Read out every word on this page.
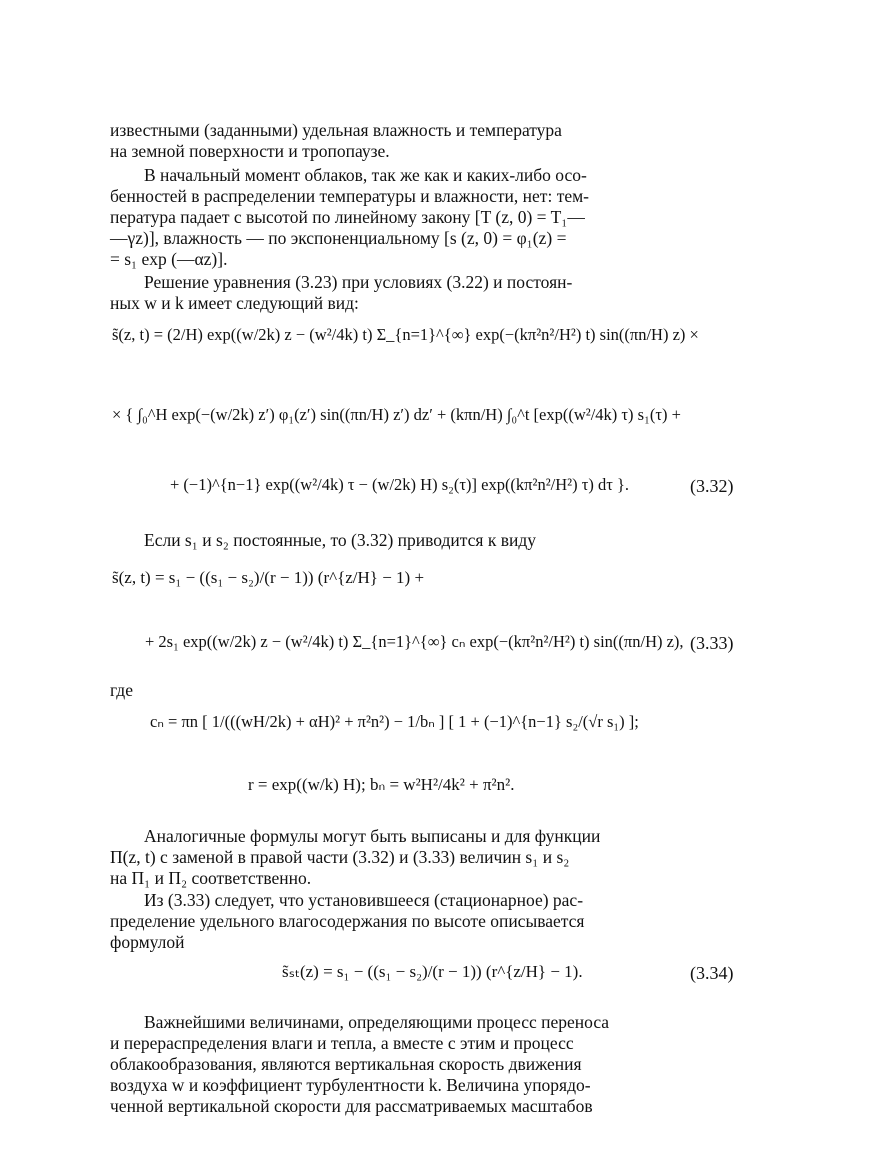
известными (заданными) удельная влажность и температура
на земной поверхности и тропопаузе.
В начальный момент облаков, так же как и каких-либо осо-
бенностей в распределении температуры и влажности, нет: тем-
пература падает с высотой по линейному закону [T (z, 0) = T₁—
—γz)], влажность — по экспоненциальному [s (z, 0) = φ₁(z) =
= s₁ exp (—αz)].
Решение уравнения (3.23) при условиях (3.22) и постоян-
ных w и k имеет следующий вид:
s̃(z, t) = (2/H) exp((w/2k) z − (w²/4k) t) Σ_{n=1}^{∞} exp(−(kπ²n²/H²) t) sin((πn/H) z) ×
× { ∫₀^H exp(−(w/2k) z′) φ₁(z′) sin((πn/H) z′) dz′ + (kπn/H) ∫₀^t [exp((w²/4k) τ) s₁(τ) +
+ (−1)^{n−1} exp((w²/4k) τ − (w/2k) H) s₂(τ)] exp((kπ²n²/H²) τ) dτ }.	(3.32)
Если s₁ и s₂ постоянные, то (3.32) приводится к виду
s̃(z, t) = s₁ − ((s₁ − s₂)/(r − 1)) (r^{z/H} − 1) +
+ 2s₁ exp((w/2k) z − (w²/4k) t) Σ_{n=1}^{∞} cₙ exp(−(kπ²n²/H²) t) sin((πn/H) z), (3.33)
где
cₙ = πn [ 1/(((wH/2k) + αH)² + π²n²) − 1/bₙ ] [ 1 + (−1)^{n−1} s₂/(√r s₁) ];
r = exp((w/k) H); bₙ = w²H²/4k² + π²n².
Аналогичные формулы могут быть выписаны и для функции
Π(z, t) с заменой в правой части (3.32) и (3.33) величин s₁ и s₂
на Π₁ и Π₂ соответственно.
Из (3.33) следует, что установившееся (стационарное) рас-
пределение удельного влагосодержания по высоте описывается
формулой
s̃ₛₜ(z) = s₁ − ((s₁ − s₂)/(r − 1)) (r^{z/H} − 1).	(3.34)
Важнейшими величинами, определяющими процесс переноса
и перераспределения влаги и тепла, а вместе с этим и процесс
облакообразования, являются вертикальная скорость движения
воздуха w и коэффициент турбулентности k. Величина упорядо-
ченной вертикальной скорости для рассматриваемых масштабов
